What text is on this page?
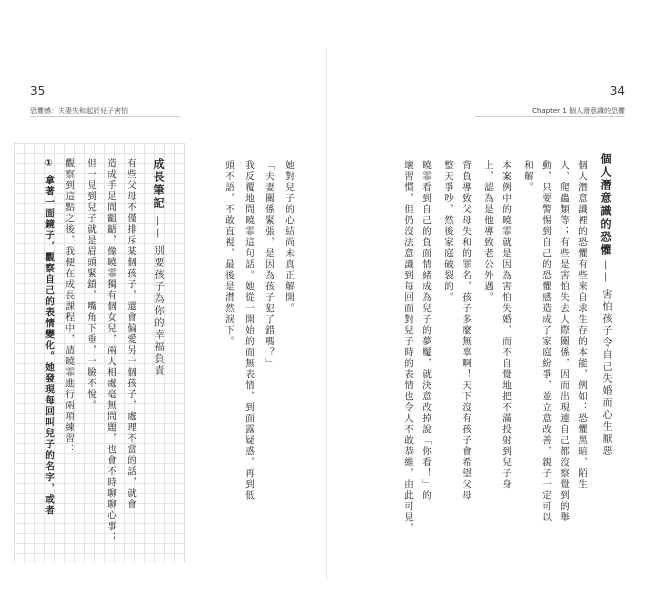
35
恐懼感：夫妻失和起於兒子害怕
成長筆記
—— 別要孩子為你的幸福負責
有些父母不僅排斥某個孩子，還會偏愛另一個孩子，處理不當的話，就會
造成手足間齟齬，像曉霏獨有個女兒，兩人相處毫無問題，也會不時聊聊心事；
但一見到兒子就是眉頭緊鎖，嘴角下垂，一臉不悅。
觀察到這點之後，我便在成長課程中，請曉霏進行兩項練習：
① 拿著一面鏡子，觀察自己的表情變化。她發現每回叫兒子的名字，或者	她對兒子的心結尚未真正解開。
「夫妻關係緊張，是因為孩子犯了錯嗎？」
我反覆地問曉霏這句話。她從一開始的面無表情，到面露疑惑，再到低
頭不語，不敢直視，最後是潸然淚下。
34
Chapter 1 個人潛意識的恐懼
個人潛意識的恐懼
—— 害怕孩子令自己失婚而心生厭惡
個人潛意識裡的恐懼有些來自求生存的本能，例如：恐懼黑暗、陌生
人、爬蟲類等；有些是害怕失去人際關係，因而出現連自己都沒察覺到的舉
動，只要警惕到自己的恐懼感造成了家庭紛爭，並立意改善，親子一定可以
和解。
本案例中的曉霏就是因為害怕失婚，而不自覺地把不滿投射到兒子身
上，認為是他導致老公外遇。
背負導致父母失和的罪名，孩子多麼無辜啊！天下沒有孩子會希望父母
整天爭吵，然後家庭破裂的。
曉霏看到自己的負面情緒成為兒子的夢魘，就決意改掉說「你看！」的
壞習慣，但仍沒法意識到每回面對兒子時的表情也令人不敢恭維，由此可見，
